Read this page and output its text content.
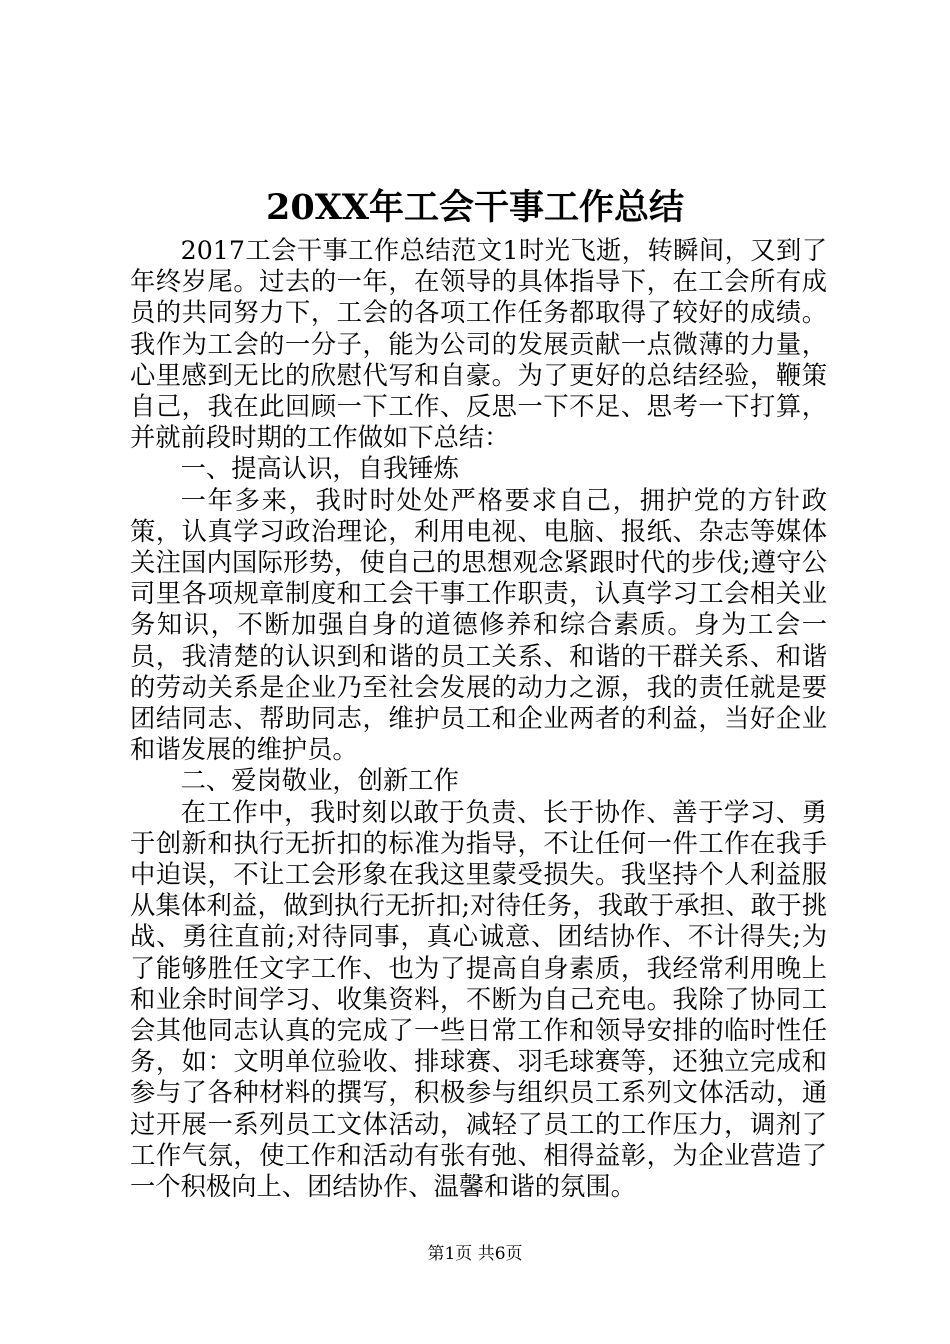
20XX年工会干事工作总结

2017工会干事工作总结范文1时光飞逝，转瞬间，又到了年终岁尾。过去的一年，在领导的具体指导下，在工会所有成员的共同努力下，工会的各项工作任务都取得了较好的成绩。我作为工会的一分子，能为公司的发展贡献一点微薄的力量，心里感到无比的欣慰代写和自豪。为了更好的总结经验，鞭策自己，我在此回顾一下工作、反思一下不足、思考一下打算，并就前段时期的工作做如下总结：

一、提高认识，自我锤炼

一年多来，我时时处处严格要求自己，拥护党的方针政策，认真学习政治理论，利用电视、电脑、报纸、杂志等媒体关注国内国际形势，使自己的思想观念紧跟时代的步伐;遵守公司里各项规章制度和工会干事工作职责，认真学习工会相关业务知识，不断加强自身的道德修养和综合素质。身为工会一员，我清楚的认识到和谐的员工关系、和谐的干群关系、和谐的劳动关系是企业乃至社会发展的动力之源，我的责任就是要团结同志、帮助同志，维护员工和企业两者的利益，当好企业和谐发展的维护员。

二、爱岗敬业，创新工作

在工作中，我时刻以敢于负责、长于协作、善于学习、勇于创新和执行无折扣的标准为指导，不让任何一件工作在我手中迫误，不让工会形象在我这里蒙受损失。我坚持个人利益服从集体利益，做到执行无折扣;对待任务，我敢于承担、敢于挑战、勇往直前;对待同事，真心诚意、团结协作、不计得失;为了能够胜任文字工作、也为了提高自身素质，我经常利用晚上和业余时间学习、收集资料，不断为自己充电。我除了协同工会其他同志认真的完成了一些日常工作和领导安排的临时性任务，如：文明单位验收、排球赛、羽毛球赛等，还独立完成和参与了各种材料的撰写，积极参与组织员工系列文体活动，通过开展一系列员工文体活动，减轻了员工的工作压力，调剂了工作气氛，使工作和活动有张有弛、相得益彰，为企业营造了一个积极向上、团结协作、温馨和谐的氛围。

第1页 共6页
